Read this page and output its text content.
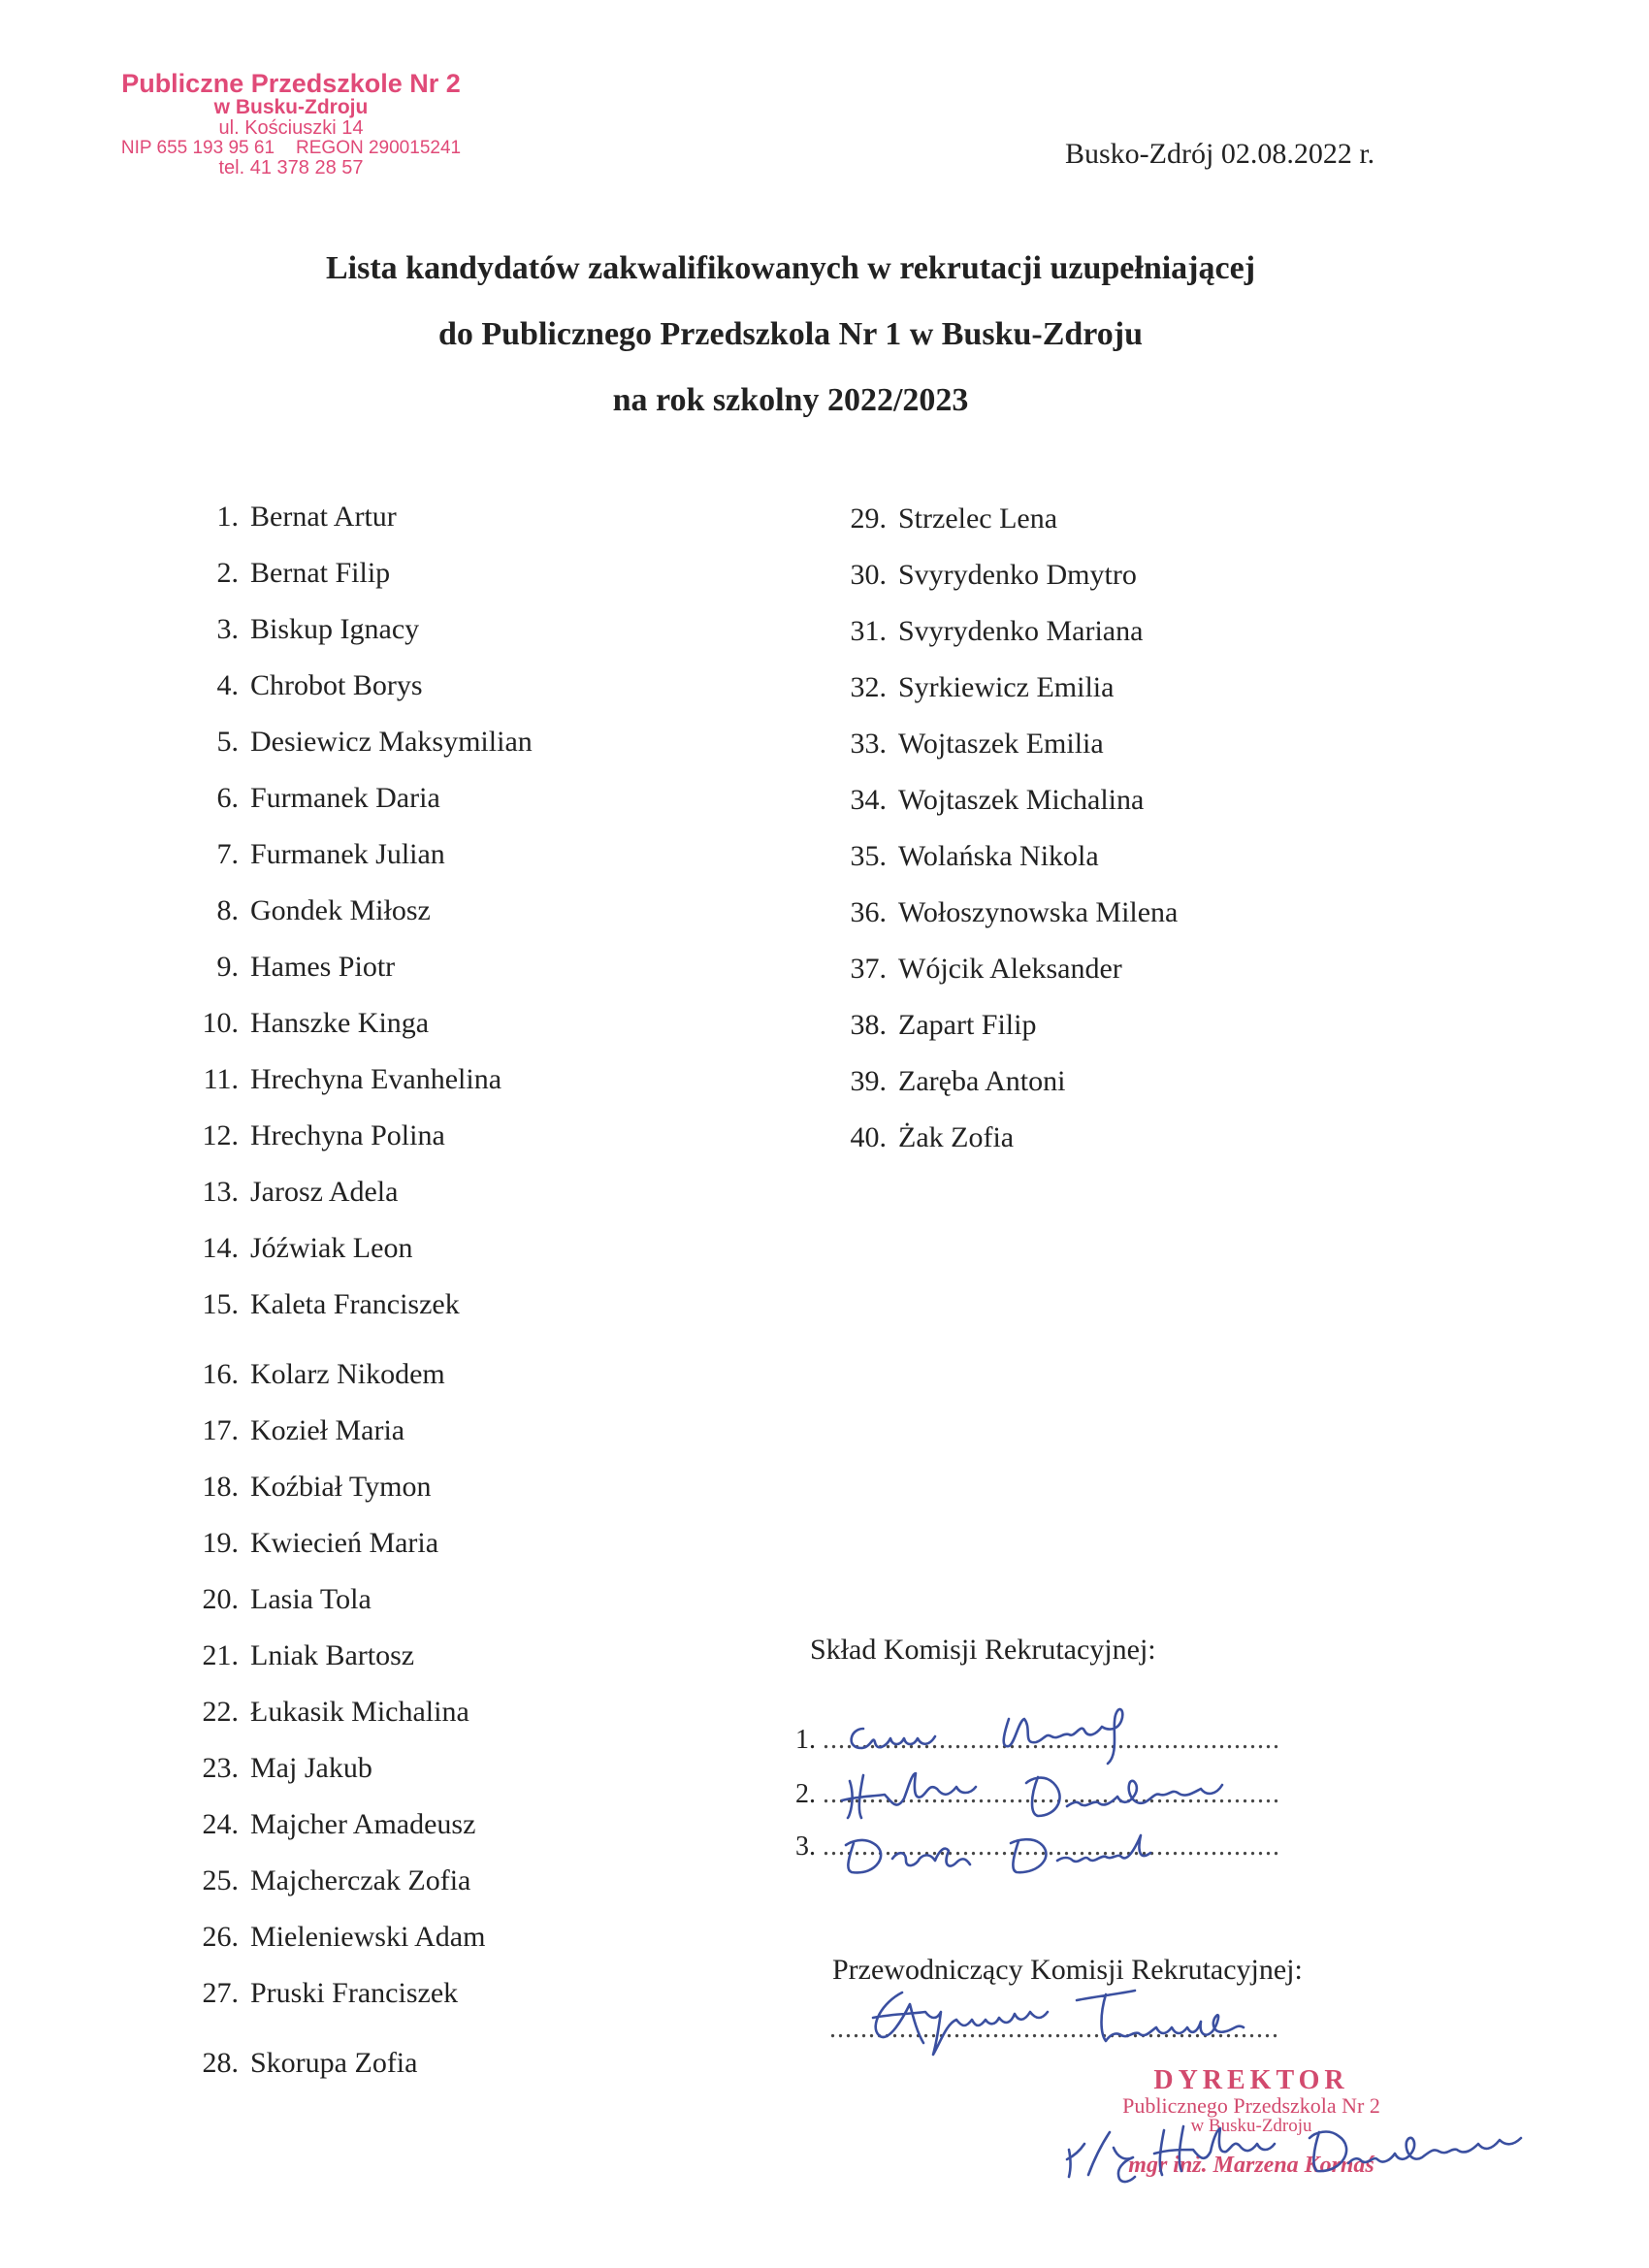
Publiczne Przedszkole Nr 2
w Busku-Zdroju
ul. Kościuszki 14
NIP 655 193 95 61 REGON 290015241
tel. 41 378 28 57	Busko-Zdrój 02.08.2022 r.
Lista kandydatów zakwalifikowanych w rekrutacji uzupełniającej
do Publicznego Przedszkola Nr 1 w Busku-Zdroju
na rok szkolny 2022/2023
1. Bernat Artur
2. Bernat Filip
3. Biskup Ignacy
4. Chrobot Borys
5. Desiewicz Maksymilian
6. Furmanek Daria
7. Furmanek Julian
8. Gondek Miłosz
9. Hames Piotr
10. Hanszke Kinga
11. Hrechyna Evanhelina
12. Hrechyna Polina
13. Jarosz Adela
14. Jóźwiak Leon
15. Kaleta Franciszek
16. Kolarz Nikodem
17. Kozieł Maria
18. Koźbiał Tymon
19. Kwiecień Maria
20. Lasia Tola
21. Lniak Bartosz
22. Łukasik Michalina
23. Maj Jakub
24. Majcher Amadeusz
25. Majcherczak Zofia
26. Mieleniewski Adam
27. Pruski Franciszek
28. Skorupa Zofia
29. Strzelec Lena
30. Svyrydenko Dmytro
31. Svyrydenko Mariana
32. Syrkiewicz Emilia
33. Wojtaszek Emilia
34. Wojtaszek Michalina
35. Wolańska Nikola
36. Wołoszynowska Milena
37. Wójcik Aleksander
38. Zapart Filip
39. Zaręba Antoni
40. Żak Zofia
Skład Komisji Rekrutacyjnej:
1. ...........................................................
2. ...........................................................
3. ...........................................................
Przewodniczący Komisji Rekrutacyjnej:
..........................................................
DYREKTOR
Publicznego Przedszkola Nr 2
w Busku-Zdroju
mgr inż. Marzena Kornaś
